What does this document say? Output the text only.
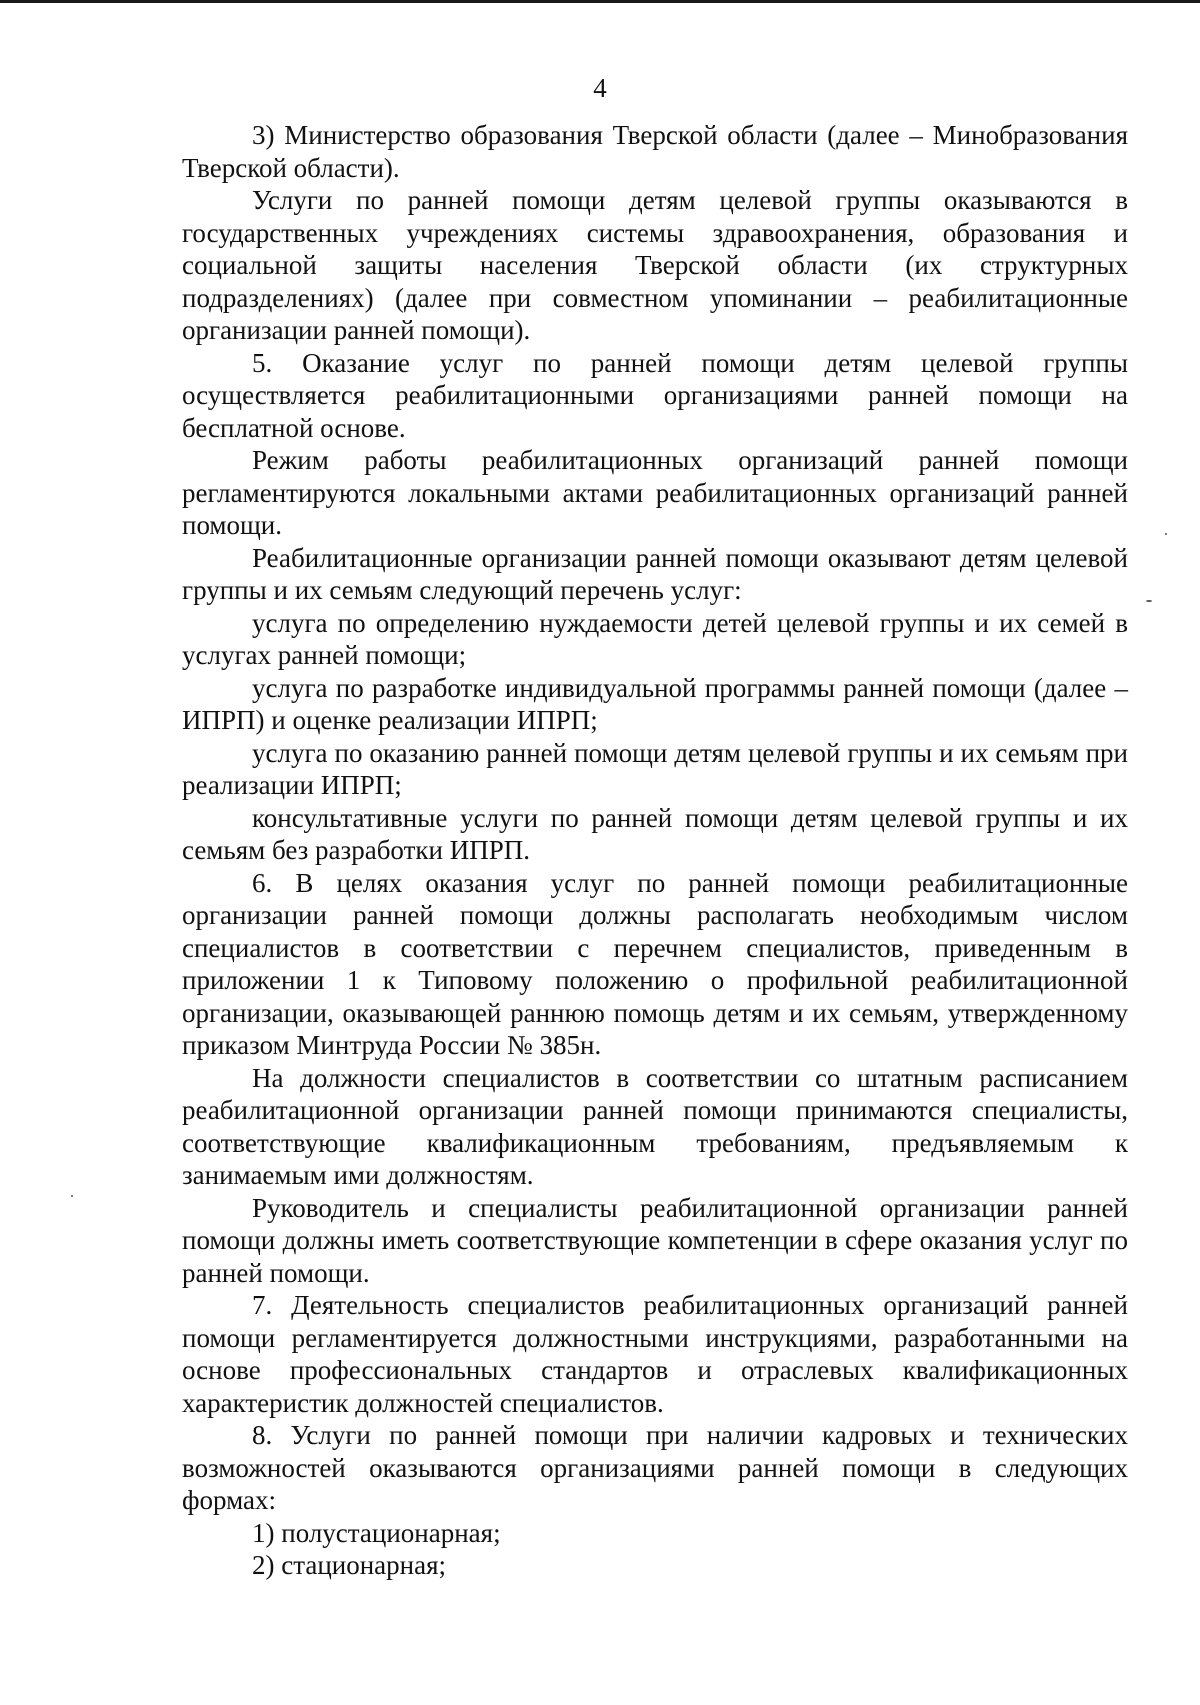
4

3) Министерство образования Тверской области (далее – Минобразования Тверской области).

Услуги по ранней помощи детям целевой группы оказываются в государственных учреждениях системы здравоохранения, образования и социальной защиты населения Тверской области (их структурных подразделениях) (далее при совместном упоминании – реабилитационные организации ранней помощи).

5. Оказание услуг по ранней помощи детям целевой группы осуществляется реабилитационными организациями ранней помощи на бесплатной основе.

Режим работы реабилитационных организаций ранней помощи регламентируются локальными актами реабилитационных организаций ранней помощи.

Реабилитационные организации ранней помощи оказывают детям целевой группы и их семьям следующий перечень услуг:

услуга по определению нуждаемости детей целевой группы и их семей в услугах ранней помощи;

услуга по разработке индивидуальной программы ранней помощи (далее – ИПРП) и оценке реализации ИПРП;

услуга по оказанию ранней помощи детям целевой группы и их семьям при реализации ИПРП;

консультативные услуги по ранней помощи детям целевой группы и их семьям без разработки ИПРП.

6. В целях оказания услуг по ранней помощи реабилитационные организации ранней помощи должны располагать необходимым числом специалистов в соответствии с перечнем специалистов, приведенным в приложении 1 к Типовому положению о профильной реабилитационной организации, оказывающей раннюю помощь детям и их семьям, утвержденному приказом Минтруда России № 385н.

На должности специалистов в соответствии со штатным расписанием реабилитационной организации ранней помощи принимаются специалисты, соответствующие квалификационным требованиям, предъявляемым к занимаемым ими должностям.

Руководитель и специалисты реабилитационной организации ранней помощи должны иметь соответствующие компетенции в сфере оказания услуг по ранней помощи.

7. Деятельность специалистов реабилитационных организаций ранней помощи регламентируется должностными инструкциями, разработанными на основе профессиональных стандартов и отраслевых квалификационных характеристик должностей специалистов.

8. Услуги по ранней помощи при наличии кадровых и технических возможностей оказываются организациями ранней помощи в следующих формах:

1) полустационарная;

2) стационарная;
